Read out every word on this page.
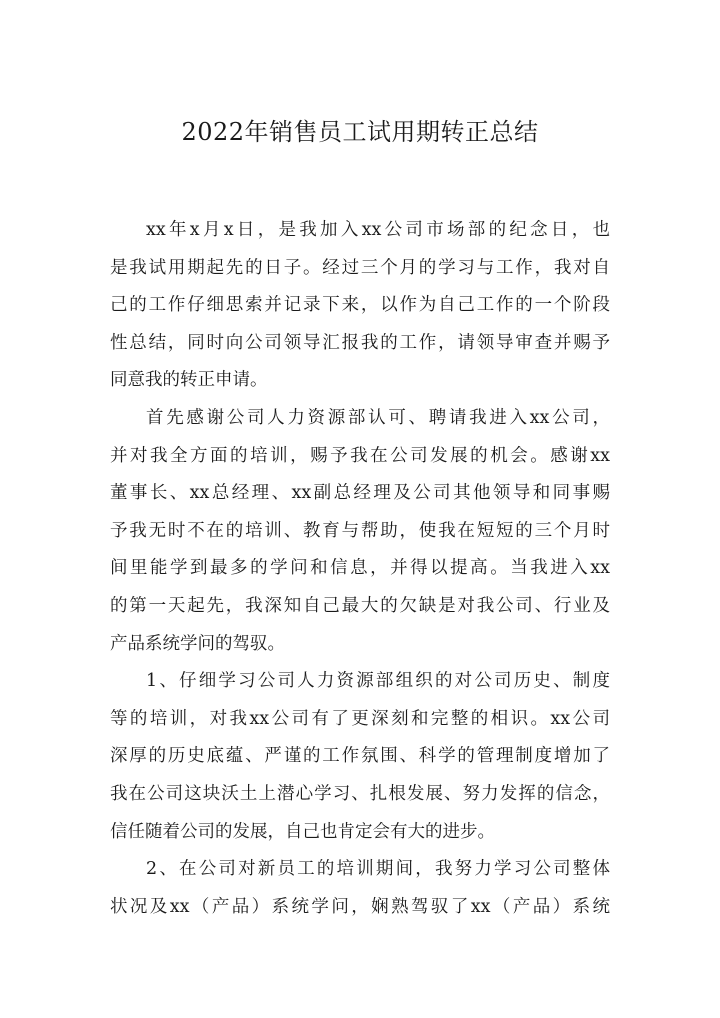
2022年销售员工试用期转正总结
xx年x月x日，是我加入xx公司市场部的纪念日，也
是我试用期起先的日子。经过三个月的学习与工作，我对自
己的工作仔细思索并记录下来，以作为自己工作的一个阶段
性总结，同时向公司领导汇报我的工作，请领导审查并赐予
同意我的转正申请。
首先感谢公司人力资源部认可、聘请我进入xx公司，
并对我全方面的培训，赐予我在公司发展的机会。感谢xx
董事长、xx总经理、xx副总经理及公司其他领导和同事赐
予我无时不在的培训、教育与帮助，使我在短短的三个月时
间里能学到最多的学问和信息，并得以提高。当我进入xx
的第一天起先，我深知自己最大的欠缺是对我公司、行业及
产品系统学问的驾驭。
1、仔细学习公司人力资源部组织的对公司历史、制度
等的培训，对我xx公司有了更深刻和完整的相识。xx公司
深厚的历史底蕴、严谨的工作氛围、科学的管理制度增加了
我在公司这块沃土上潜心学习、扎根发展、努力发挥的信念，
信任随着公司的发展，自己也肯定会有大的进步。
2、在公司对新员工的培训期间，我努力学习公司整体
状况及xx（产品）系统学问，娴熟驾驭了xx（产品）系统
